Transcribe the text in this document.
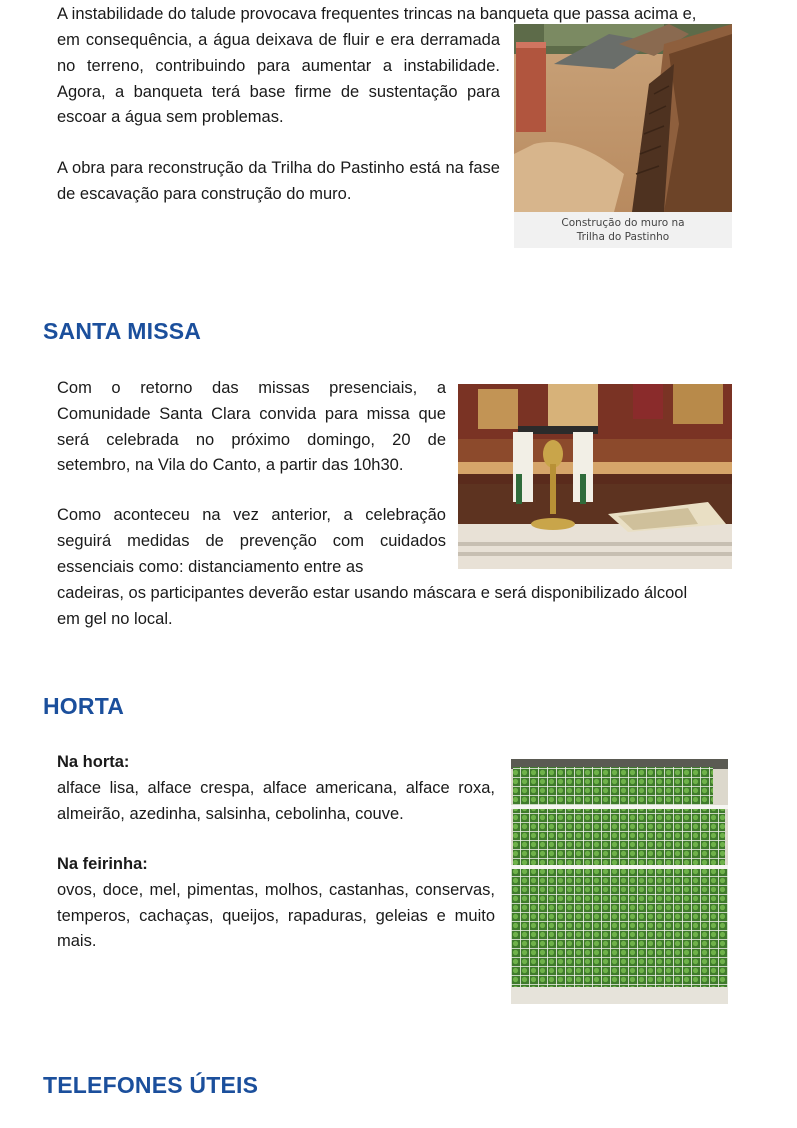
A instabilidade do talude provocava frequentes trincas na banqueta que passa acima e,

em consequência, a água deixava de fluir e era derramada no terreno, contribuindo para aumentar a instabilidade. Agora, a banqueta terá base firme de sustentação para escoar a água sem problemas.

A obra para reconstrução da Trilha do Pastinho está na fase de escavação para construção do muro.

Construção do muro na
Trilha do Pastinho
SANTA MISSA

Com o retorno das missas presenciais, a Comunidade Santa Clara convida para missa que será celebrada no próximo domingo, 20 de setembro, na Vila do Canto, a partir das 10h30.

Como aconteceu na vez anterior, a celebração seguirá medidas de prevenção com cuidados essenciais como: distanciamento entre as

cadeiras, os participantes deverão estar usando máscara e será disponibilizado álcool

em gel no local.

HORTA
Na horta:
alface lisa, alface crespa, alface americana, alface roxa, almeirão, azedinha, salsinha, cebolinha, couve.
Na feirinha:
ovos, doce, mel, pimentas, molhos, castanhas, conservas, temperos, cachaças, queijos, rapaduras, geleias e muito mais.
TELEFONES ÚTEIS
